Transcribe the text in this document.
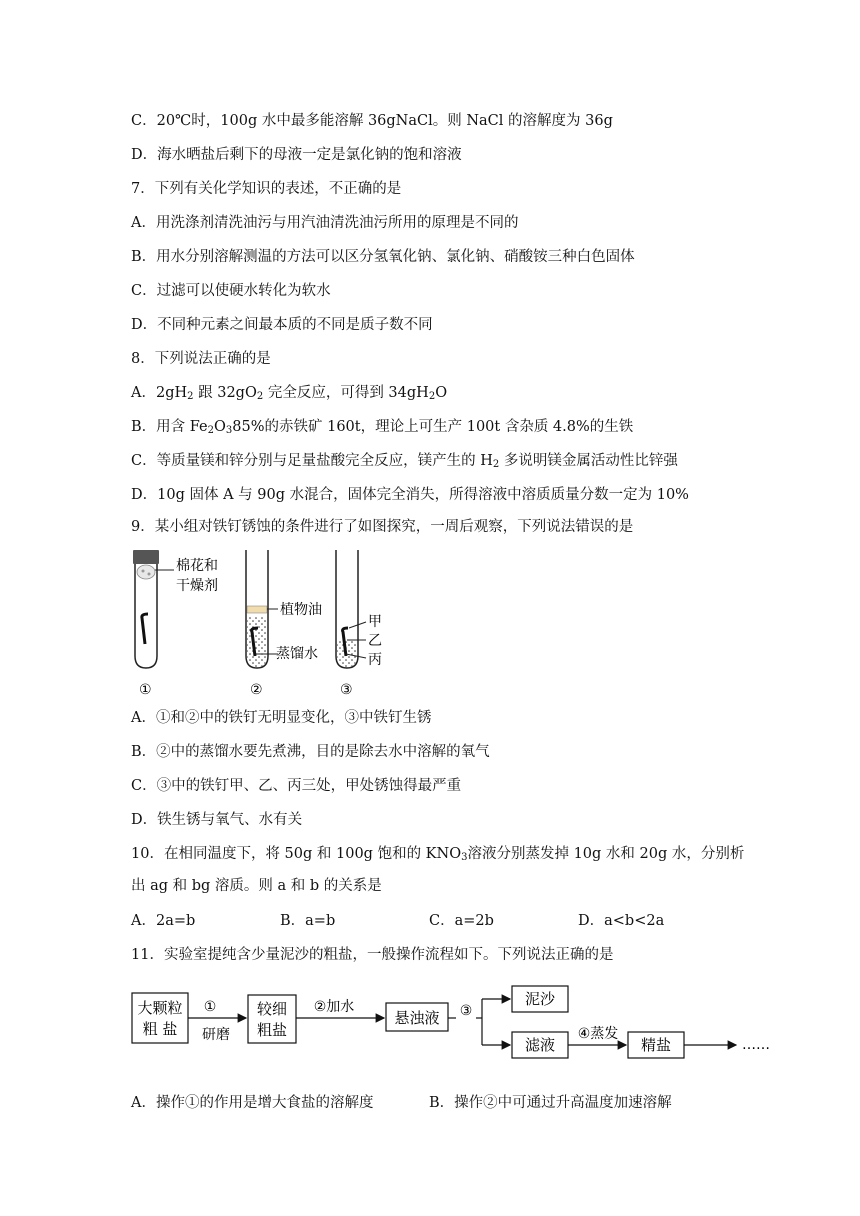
C．20℃时，100g 水中最多能溶解 36gNaCl。则 NaCl 的溶解度为 36g
D．海水晒盐后剩下的母液一定是氯化钠的饱和溶液
7．下列有关化学知识的表述，不正确的是
A．用洗涤剂清洗油污与用汽油清洗油污所用的原理是不同的
B．用水分别溶解测温的方法可以区分氢氧化钠、氯化钠、硝酸铵三种白色固体
C．过滤可以使硬水转化为软水
D．不同种元素之间最本质的不同是质子数不同
8．下列说法正确的是
A．$2gH_2$ 跟 $32gO_2$ 完全反应，可得到 $34gH_2O$
B．用含 $Fe_2O_385\%$的赤铁矿 160t，理论上可生产 100t 含杂质 4.8%的生铁
C．等质量镁和锌分别与足量盐酸完全反应，镁产生的 $H_2$ 多说明镁金属活动性比锌强
D．10g 固体 A 与 90g 水混合，固体完全消失，所得溶液中溶质质量分数一定为 10%
9．某小组对铁钉锈蚀的条件进行了如图探究，一周后观察，下列说法错误的是
棉花和
干燥剂
植物油
蒸馏水
甲
乙
丙
①	②	③
A．①和②中的铁钉无明显变化，③中铁钉生锈
B．②中的蒸馏水要先煮沸，目的是除去水中溶解的氧气
C．③中的铁钉甲、乙、丙三处，甲处锈蚀得最严重
D．铁生锈与氧气、水有关
10．在相同温度下，将 50g 和 100g 饱和的 $KNO_3$溶液分别蒸发掉 10g 水和 20g 水，分别析
出 ag 和 bg 溶质。则 a 和 b 的关系是
A．2a=b	B．a=b	C．a=2b	D．a<b<2a
11．实验室提纯含少量泥沙的粗盐，一般操作流程如下。下列说法正确的是
大颗粒
粗 盐
①
研磨
较细
粗盐
②加水
悬浊液 ③
泥沙
滤液
④蒸发
精盐	……
A．操作①的作用是增大食盐的溶解度	B．操作②中可通过升高温度加速溶解
